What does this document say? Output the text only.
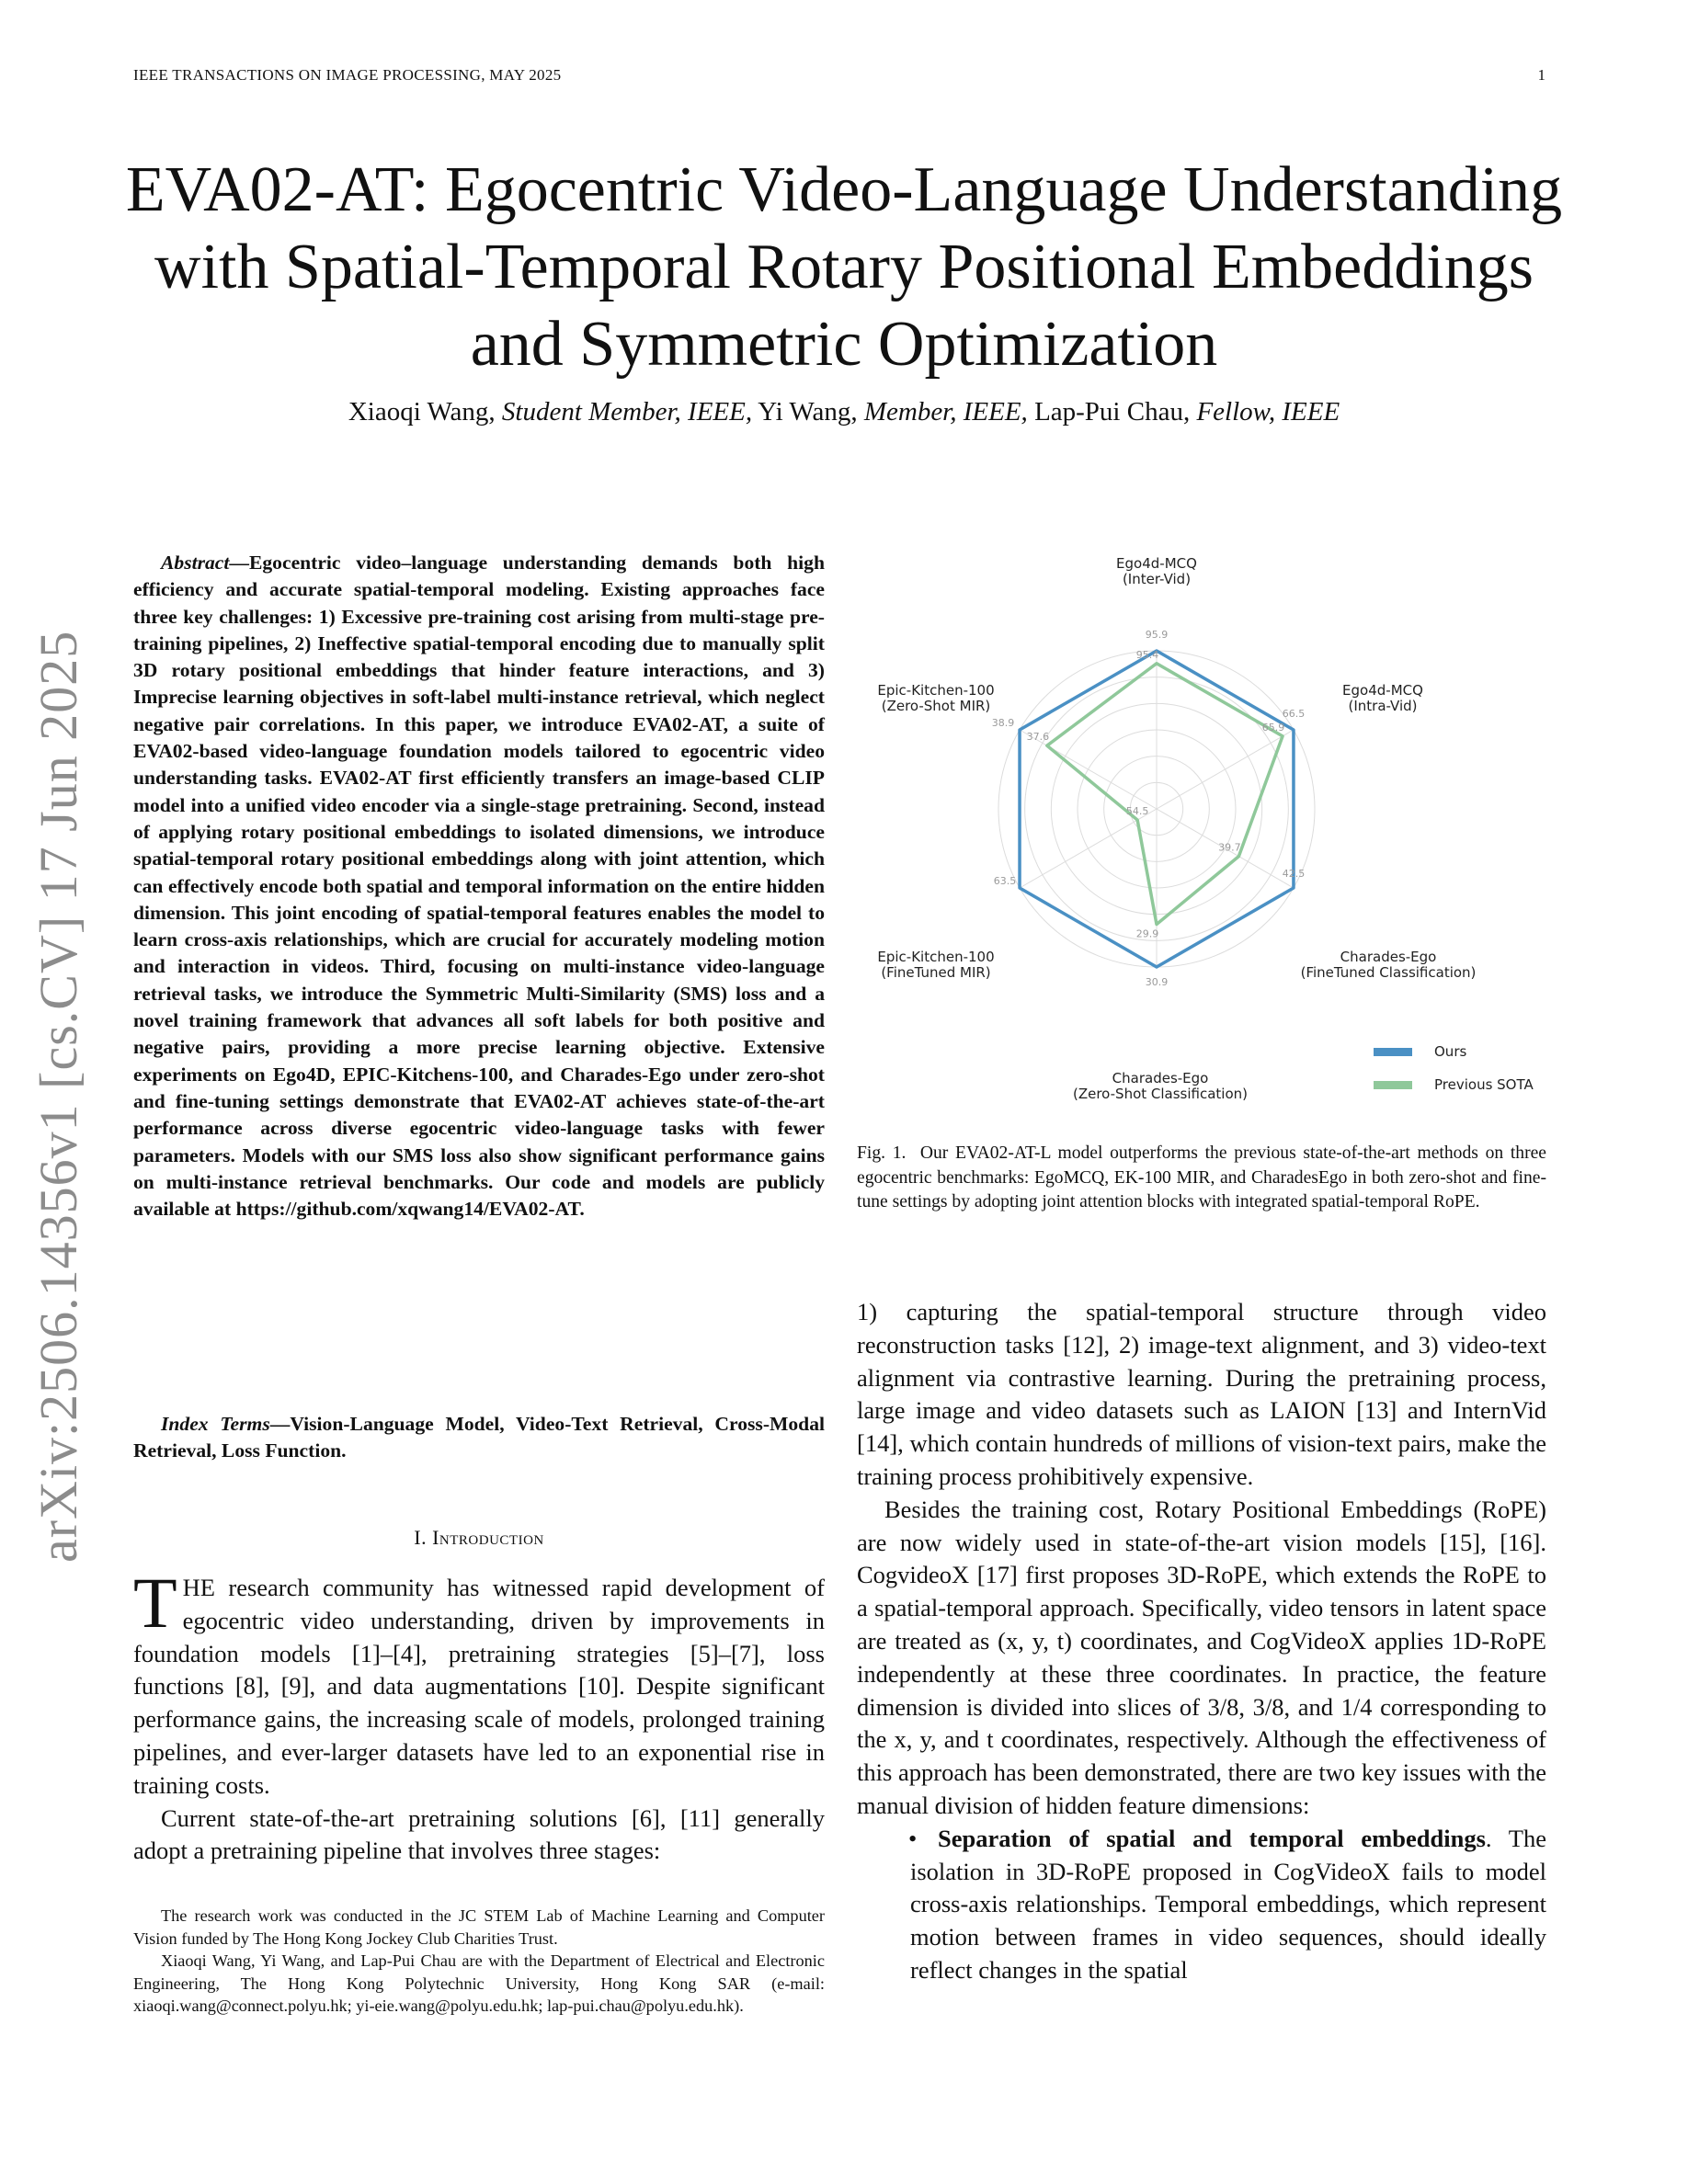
IEEE TRANSACTIONS ON IMAGE PROCESSING, MAY 2025	1
arXiv:2506.14356v1 [cs.CV] 17 Jun 2025
EVA02-AT: Egocentric Video-Language Understanding with Spatial-Temporal Rotary Positional Embeddings and Symmetric Optimization
Xiaoqi Wang, Student Member, IEEE, Yi Wang, Member, IEEE, Lap-Pui Chau, Fellow, IEEE

Abstract—Egocentric video–language understanding demands both high efficiency and accurate spatial-temporal modeling. Existing approaches face three key challenges: 1) Excessive pre-training cost arising from multi-stage pre-training pipelines, 2) Ineffective spatial-temporal encoding due to manually split 3D rotary positional embeddings that hinder feature interactions, and 3) Imprecise learning objectives in soft-label multi-instance retrieval, which neglect negative pair correlations. In this paper, we introduce EVA02-AT, a suite of EVA02-based video-language foundation models tailored to egocentric video understanding tasks. EVA02-AT first efficiently transfers an image-based CLIP model into a unified video encoder via a single-stage pretraining. Second, instead of applying rotary positional embeddings to isolated dimensions, we introduce spatial-temporal rotary positional embeddings along with joint attention, which can effectively encode both spatial and temporal information on the entire hidden dimension. This joint encoding of spatial-temporal features enables the model to learn cross-axis relationships, which are crucial for accurately modeling motion and interaction in videos. Third, focusing on multi-instance video-language retrieval tasks, we introduce the Symmetric Multi-Similarity (SMS) loss and a novel training framework that advances all soft labels for both positive and negative pairs, providing a more precise learning objective. Extensive experiments on Ego4D, EPIC-Kitchens-100, and Charades-Ego under zero-shot and fine-tuning settings demonstrate that EVA02-AT achieves state-of-the-art performance across diverse egocentric video-language tasks with fewer parameters. Models with our SMS loss also show significant performance gains on multi-instance retrieval benchmarks. Our code and models are publicly available at https://github.com/xqwang14/EVA02-AT.

Index Terms—Vision-Language Model, Video-Text Retrieval, Cross-Modal Retrieval, Loss Function.

I. Introduction

THE research community has witnessed rapid development of egocentric video understanding, driven by improvements in foundation models [1]–[4], pretraining strategies [5]–[7], loss functions [8], [9], and data augmentations [10]. Despite significant performance gains, the increasing scale of models, prolonged training pipelines, and ever-larger datasets have led to an exponential rise in training costs.

Current state-of-the-art pretraining solutions [6], [11] generally adopt a pretraining pipeline that involves three stages:

The research work was conducted in the JC STEM Lab of Machine Learning and Computer Vision funded by The Hong Kong Jockey Club Charities Trust.

Xiaoqi Wang, Yi Wang, and Lap-Pui Chau are with the Department of Electrical and Electronic Engineering, The Hong Kong Polytechnic University, Hong Kong SAR (e-mail: xiaoqi.wang@connect.polyu.hk; yi-eie.wang@polyu.edu.hk; lap-pui.chau@polyu.edu.hk).

95.9
95.4
66.5
65.9
42.5
39.7
30.9
29.9
63.5
54.5
38.9
37.6
Ego4d-MCQ
(Inter-Vid)
Ego4d-MCQ
(Intra-Vid)
Charades-Ego
(FineTuned Classification)
Charades-Ego
(Zero-Shot Classification)
Epic-Kitchen-100
(FineTuned MIR)
Epic-Kitchen-100
(Zero-Shot MIR)
Ours
Previous SOTA
Fig. 1. Our EVA02-AT-L model outperforms the previous state-of-the-art methods on three egocentric benchmarks: EgoMCQ, EK-100 MIR, and CharadesEgo in both zero-shot and fine-tune settings by adopting joint attention blocks with integrated spatial-temporal RoPE.

1) capturing the spatial-temporal structure through video reconstruction tasks [12], 2) image-text alignment, and 3) video-text alignment via contrastive learning. During the pretraining process, large image and video datasets such as LAION [13] and InternVid [14], which contain hundreds of millions of vision-text pairs, make the training process prohibitively expensive.

Besides the training cost, Rotary Positional Embeddings (RoPE) are now widely used in state-of-the-art vision models [15], [16]. CogvideoX [17] first proposes 3D-RoPE, which extends the RoPE to a spatial-temporal approach. Specifically, video tensors in latent space are treated as (x, y, t) coordinates, and CogVideoX applies 1D-RoPE independently at these three coordinates. In practice, the feature dimension is divided into slices of 3/8, 3/8, and 1/4 corresponding to the x, y, and t coordinates, respectively. Although the effectiveness of this approach has been demonstrated, there are two key issues with the manual division of hidden feature dimensions:

• Separation of spatial and temporal embeddings. The isolation in 3D-RoPE proposed in CogVideoX fails to model cross-axis relationships. Temporal embeddings, which represent motion between frames in video sequences, should ideally reflect changes in the spatial
